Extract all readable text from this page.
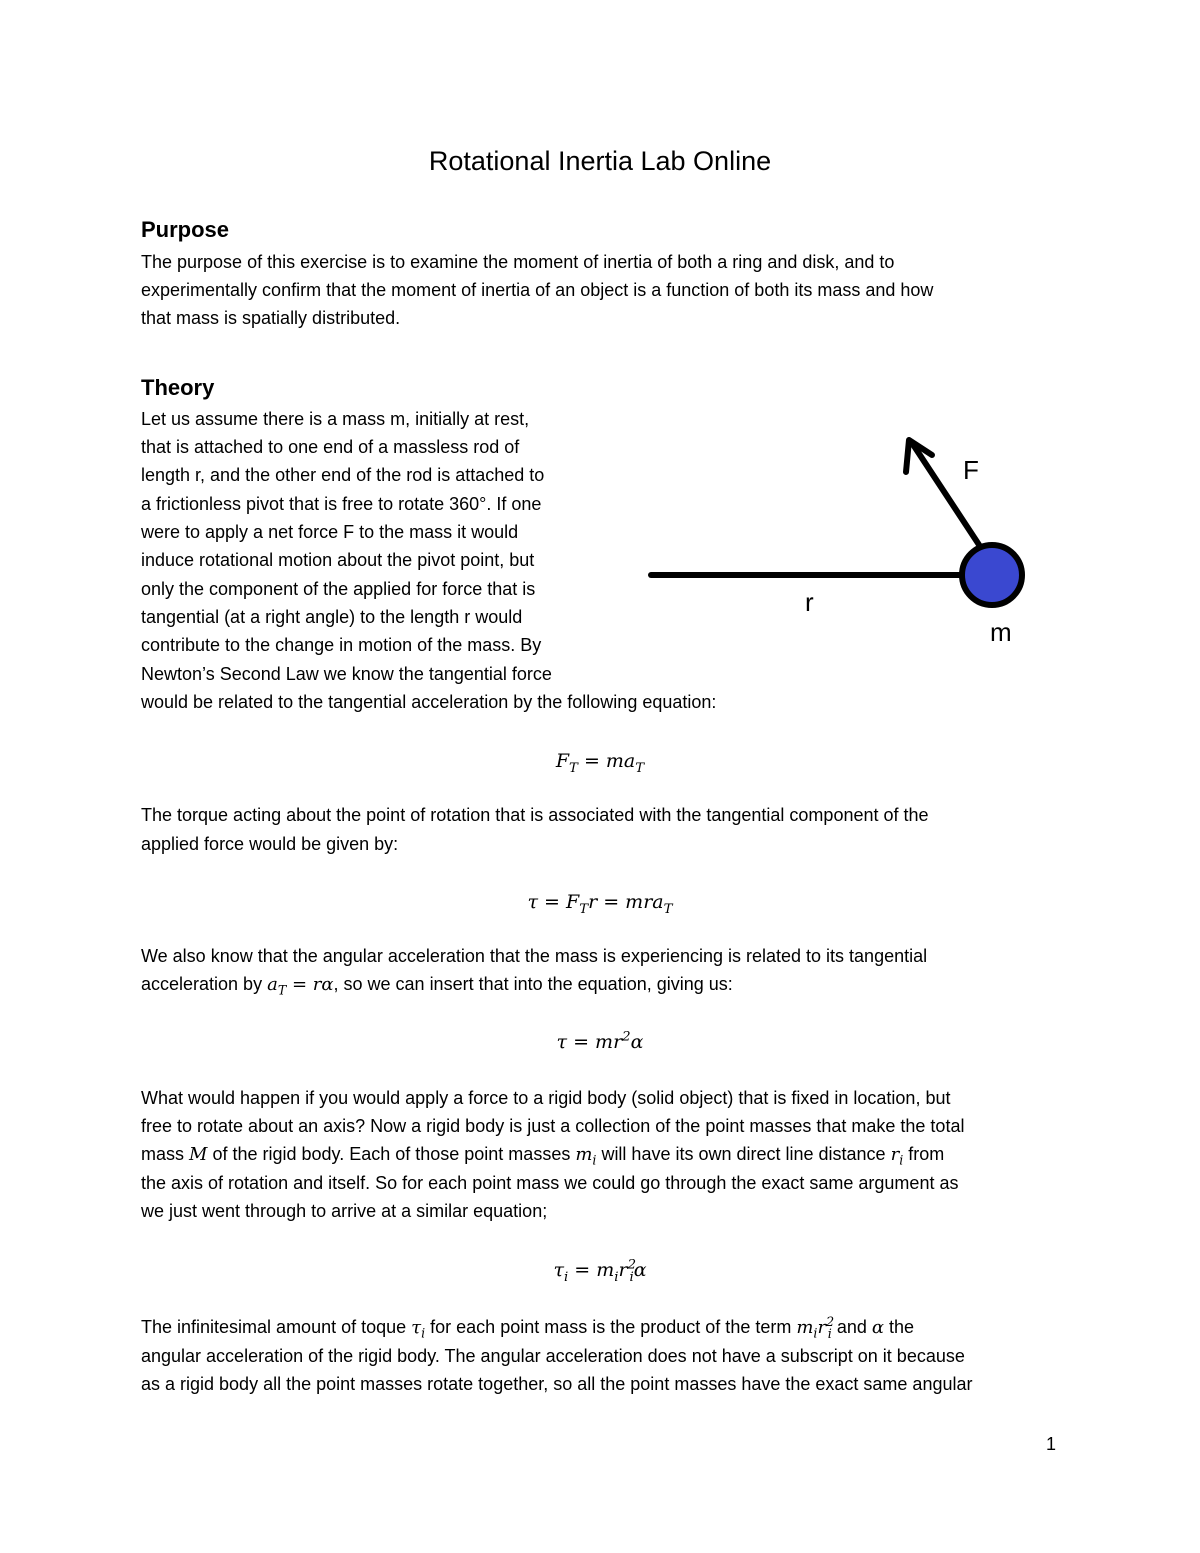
Rotational Inertia Lab Online
Purpose
The purpose of this exercise is to examine the moment of inertia of both a ring and disk, and to
experimentally confirm that the moment of inertia of an object is a function of both its mass and how
that mass is spatially distributed.
Theory
Let us assume there is a mass m, initially at rest,
that is attached to one end of a massless rod of
length r, and the other end of the rod is attached to
a frictionless pivot that is free to rotate 360°. If one
were to apply a net force F to the mass it would
induce rotational motion about the pivot point, but
only the component of the applied for force that is
tangential (at a right angle) to the length r would
contribute to the change in motion of the mass. By
Newton’s Second Law we know the tangential force
would be related to the tangential acceleration by the following equation:
F
r
m
$F_T = ma_T$
The torque acting about the point of rotation that is associated with the tangential component of the
applied force would be given by:
$\tau = F_Tr = mra_T$
We also know that the angular acceleration that the mass is experiencing is related to its tangential
acceleration by $a_T = r\alpha$, so we can insert that into the equation, giving us:
$\tau = mr^2\alpha$
What would happen if you would apply a force to a rigid body (solid object) that is fixed in location, but
free to rotate about an axis? Now a rigid body is just a collection of the point masses that make the total
mass M of the rigid body. Each of those point masses $m_i$ will have its own direct line distance $r_i$ from
the axis of rotation and itself. So for each point mass we could go through the exact same argument as
we just went through to arrive at a similar equation;
$\tau_i = m_ir^2_i\alpha$
The infinitesimal amount of toque $\tau_i$ for each point mass is the product of the term $m_ir^2_i$ and α the
angular acceleration of the rigid body. The angular acceleration does not have a subscript on it because
as a rigid body all the point masses rotate together, so all the point masses have the exact same angular
1
